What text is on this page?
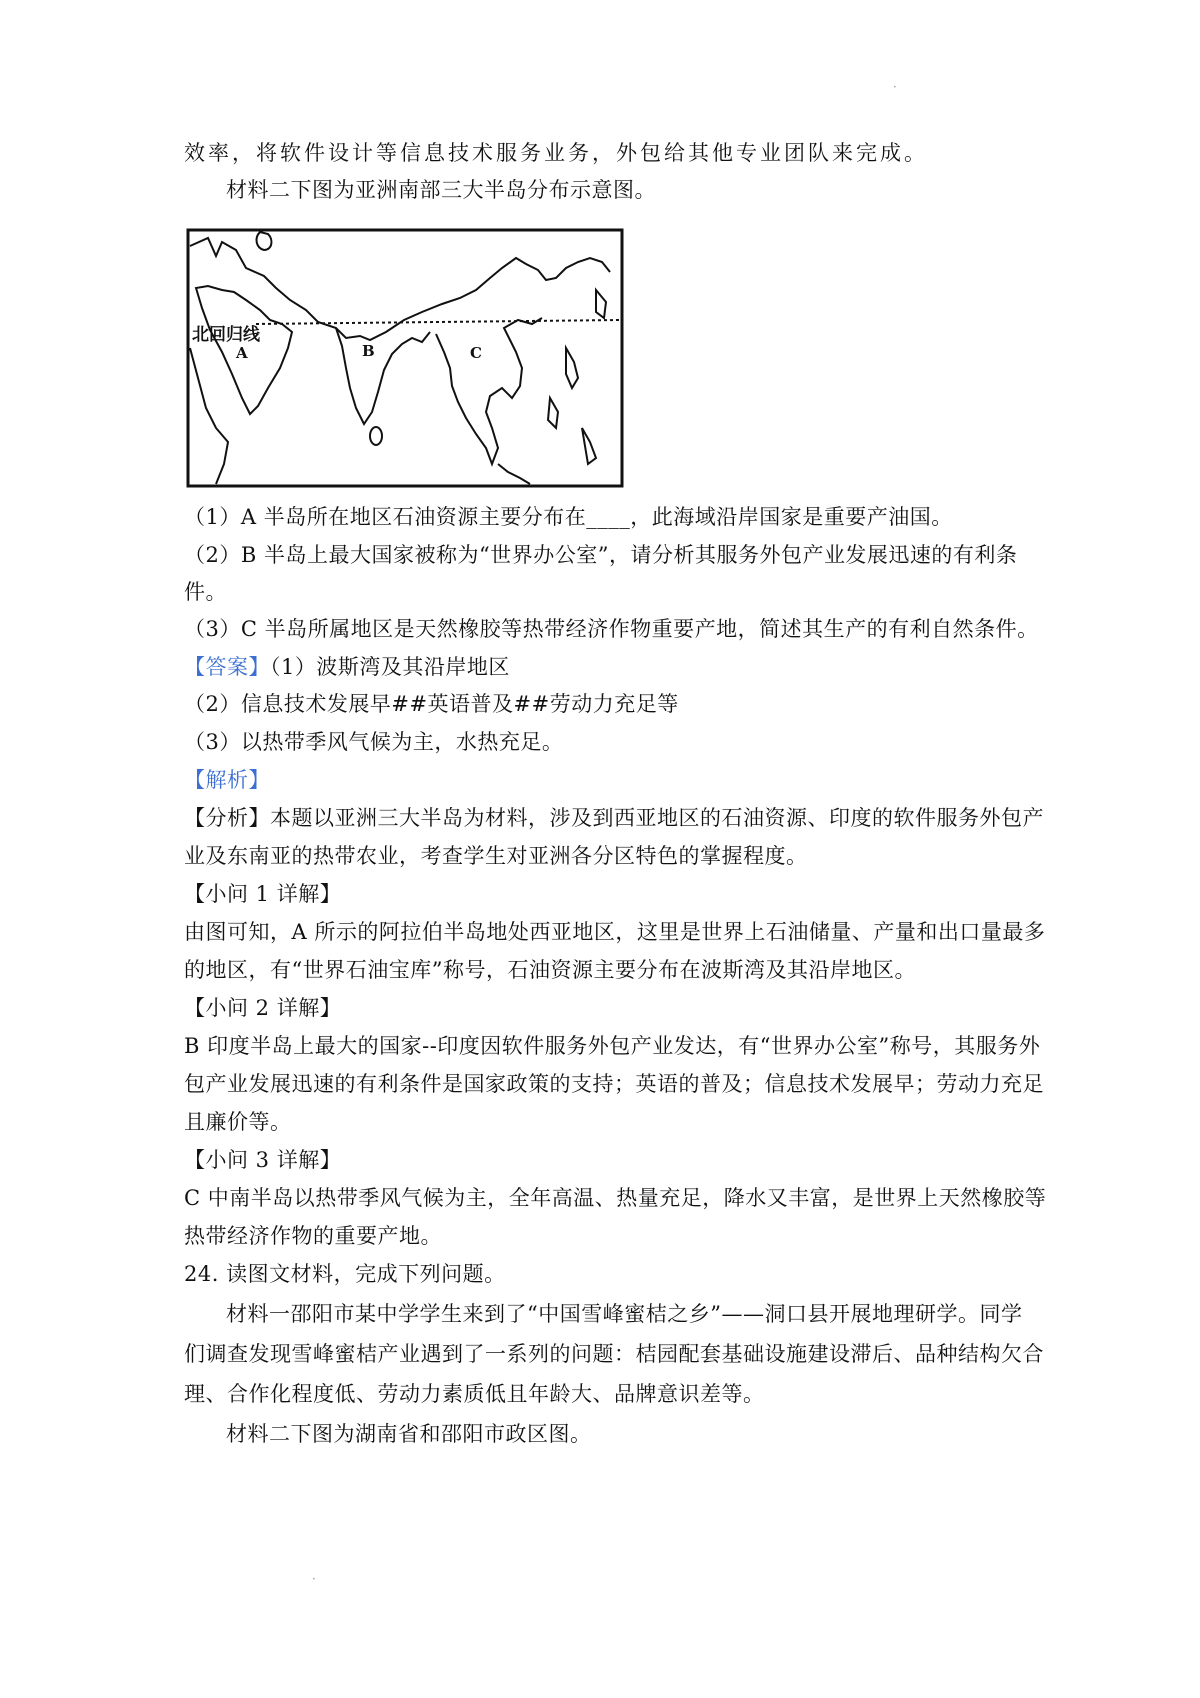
·
效率，将软件设计等信息技术服务业务，外包给其他专业团队来完成。
材料二下图为亚洲南部三大半岛分布示意图。
北回归线
A	B	C
（1）A 半岛所在地区石油资源主要分布在____，此海域沿岸国家是重要产油国。
（2）B 半岛上最大国家被称为“世界办公室”，请分析其服务外包产业发展迅速的有利条
件。
（3）C 半岛所属地区是天然橡胶等热带经济作物重要产地，简述其生产的有利自然条件。
【答案】（1）波斯湾及其沿岸地区
（2）信息技术发展早##英语普及##劳动力充足等
（3）以热带季风气候为主，水热充足。
【解析】
【分析】本题以亚洲三大半岛为材料，涉及到西亚地区的石油资源、印度的软件服务外包产
业及东南亚的热带农业，考查学生对亚洲各分区特色的掌握程度。
【小问 1 详解】
由图可知，A 所示的阿拉伯半岛地处西亚地区，这里是世界上石油储量、产量和出口量最多
的地区，有“世界石油宝库”称号，石油资源主要分布在波斯湾及其沿岸地区。
【小问 2 详解】
B 印度半岛上最大的国家--印度因软件服务外包产业发达，有“世界办公室”称号，其服务外
包产业发展迅速的有利条件是国家政策的支持；英语的普及；信息技术发展早；劳动力充足
且廉价等。
【小问 3 详解】
C 中南半岛以热带季风气候为主，全年高温、热量充足，降水又丰富，是世界上天然橡胶等
热带经济作物的重要产地。
24. 读图文材料，完成下列问题。
材料一邵阳市某中学学生来到了“中国雪峰蜜桔之乡”——洞口县开展地理研学。同学
们调查发现雪峰蜜桔产业遇到了一系列的问题：桔园配套基础设施建设滞后、品种结构欠合
理、合作化程度低、劳动力素质低且年龄大、品牌意识差等。
材料二下图为湖南省和邵阳市政区图。
·
